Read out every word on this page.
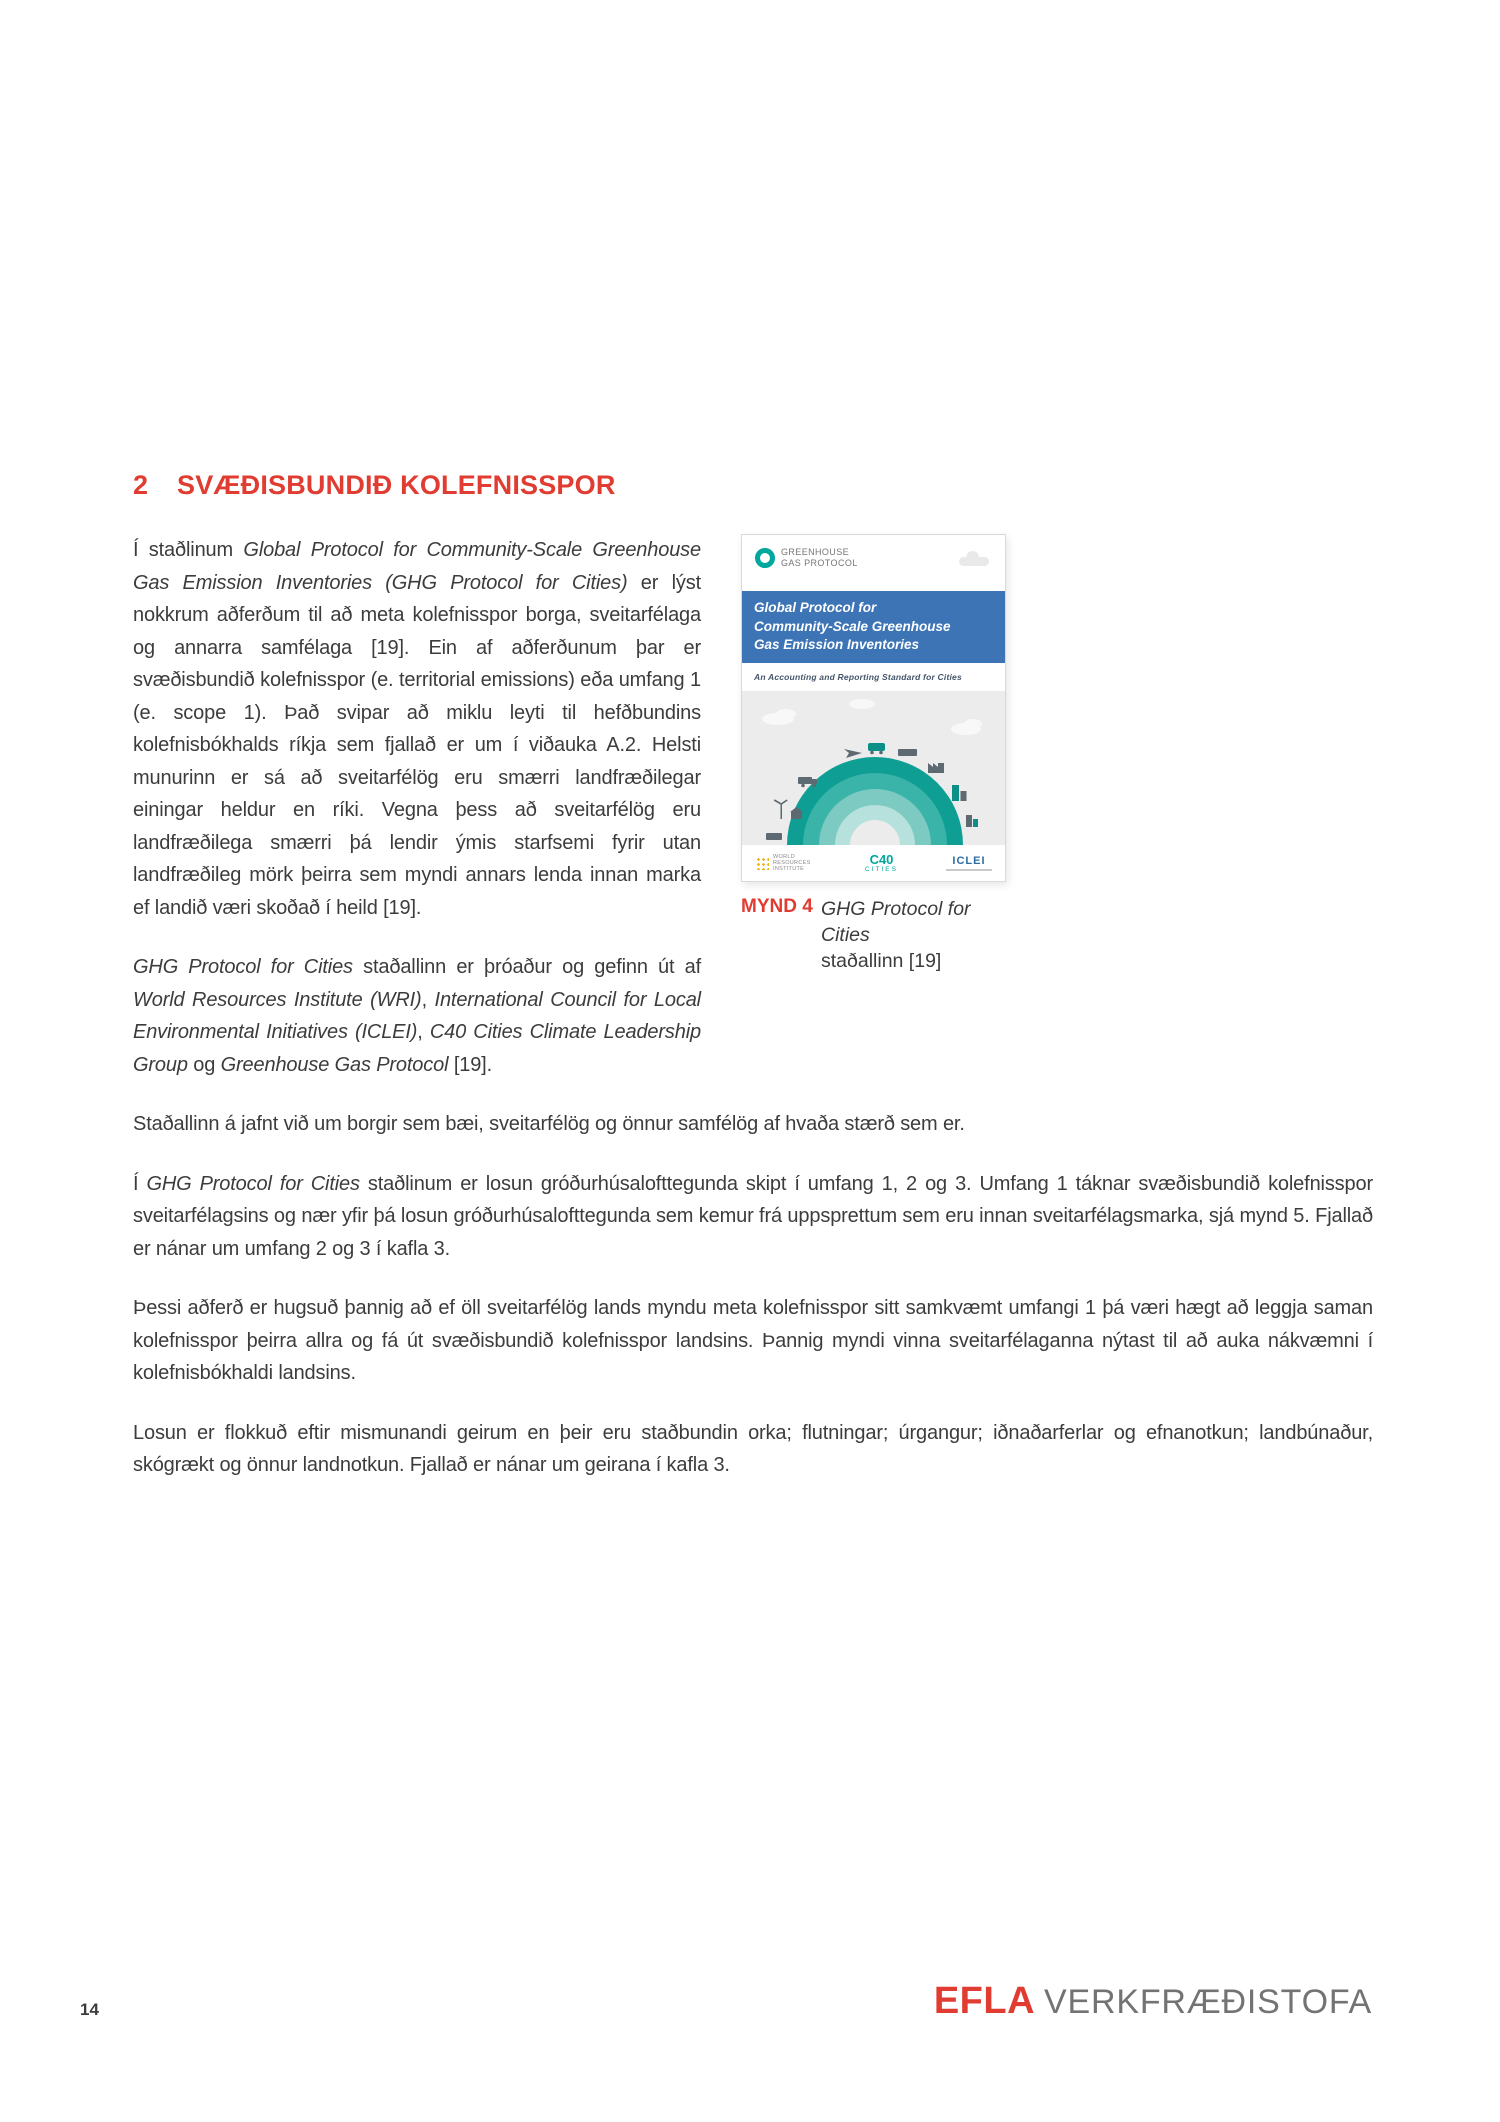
2 SVÆÐISBUNDIÐ KOLEFNISSPOR

Í staðlinum Global Protocol for Community-Scale Greenhouse Gas Emission Inventories (GHG Protocol for Cities) er lýst nokkrum aðferðum til að meta kolefnisspor borga, sveitarfélaga og annarra samfélaga [19]. Ein af aðferðunum þar er svæðisbundið kolefnisspor (e. territorial emissions) eða umfang 1 (e. scope 1). Það svipar að miklu leyti til hefðbundins kolefnisbókhalds ríkja sem fjallað er um í viðauka A.2. Helsti munurinn er sá að sveitarfélög eru smærri landfræðilegar einingar heldur en ríki. Vegna þess að sveitarfélög eru landfræðilega smærri þá lendir ýmis starfsemi fyrir utan landfræðileg mörk þeirra sem myndi annars lenda innan marka ef landið væri skoðað í heild [19].

GHG Protocol for Cities staðallinn er þróaður og gefinn út af World Resources Institute (WRI), International Council for Local Environmental Initiatives (ICLEI), C40 Cities Climate Leadership Group og Greenhouse Gas Protocol [19].

GREENHOUSE
GAS PROTOCOL
Global Protocol for
Community-Scale Greenhouse
Gas Emission Inventories
An Accounting and Reporting Standard for Cities
WORLD RESOURCES INSTITUTE
C40
CITIES
ICLEI
MYND 4 GHG Protocol for Cities
staðallinn [19]

Staðallinn á jafnt við um borgir sem bæi, sveitarfélög og önnur samfélög af hvaða stærð sem er.

Í GHG Protocol for Cities staðlinum er losun gróðurhúsalofttegunda skipt í umfang 1, 2 og 3. Umfang 1 táknar svæðisbundið kolefnisspor sveitarfélagsins og nær yfir þá losun gróðurhúsalofttegunda sem kemur frá uppsprettum sem eru innan sveitarfélagsmarka, sjá mynd 5. Fjallað er nánar um umfang 2 og 3 í kafla 3.

Þessi aðferð er hugsuð þannig að ef öll sveitarfélög lands myndu meta kolefnisspor sitt samkvæmt umfangi 1 þá væri hægt að leggja saman kolefnisspor þeirra allra og fá út svæðisbundið kolefnisspor landsins. Þannig myndi vinna sveitarfélaganna nýtast til að auka nákvæmni í kolefnisbókhaldi landsins.

Losun er flokkuð eftir mismunandi geirum en þeir eru staðbundin orka; flutningar; úrgangur; iðnaðarferlar og efnanotkun; landbúnaður, skógrækt og önnur landnotkun. Fjallað er nánar um geirana í kafla 3.

14	EFLA VERKFRÆÐISTOFA
